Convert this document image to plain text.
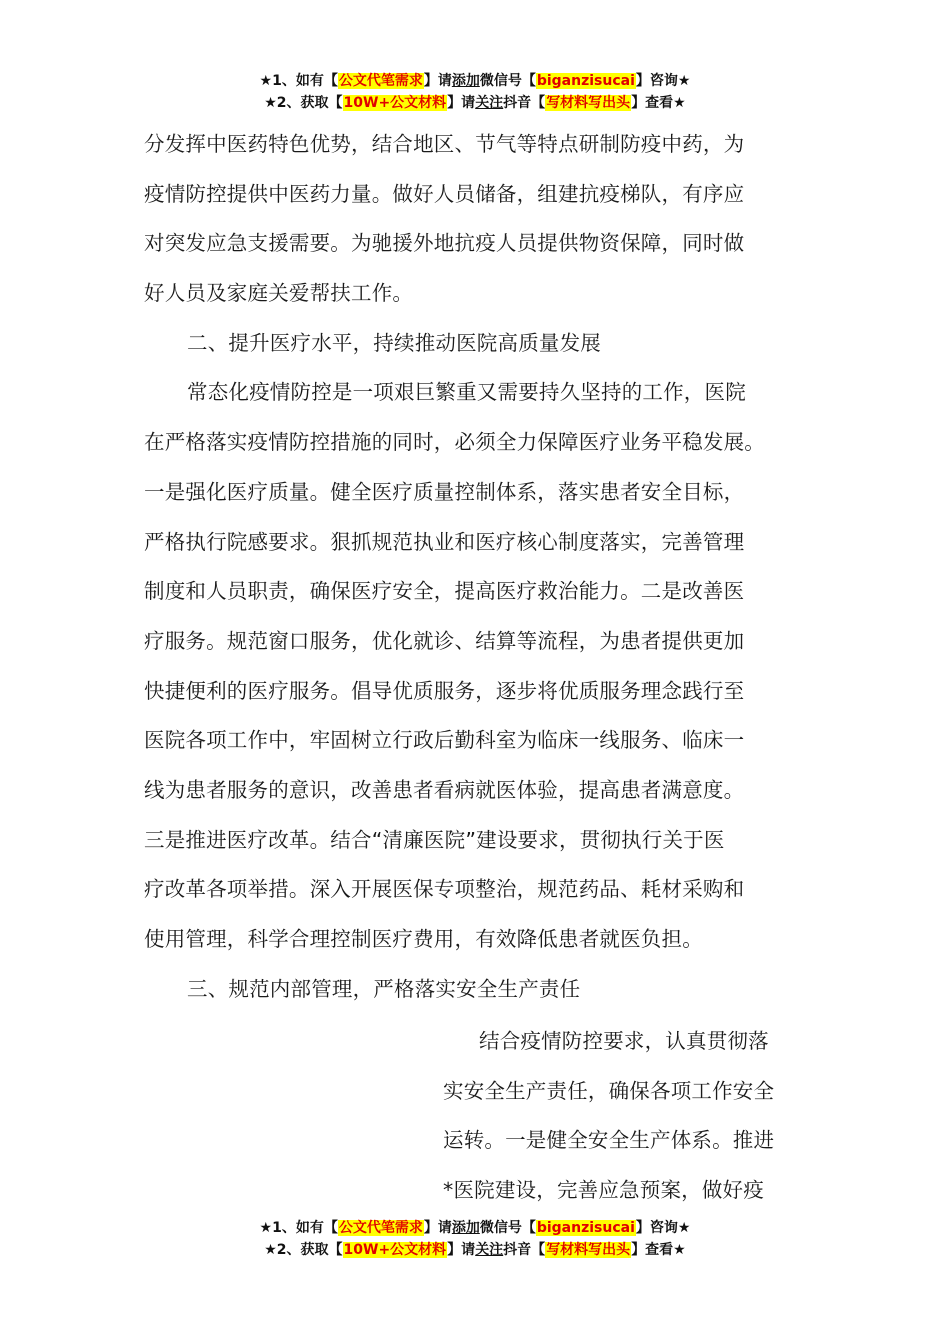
★1、如有【公文代笔需求】请添加微信号【biganzisucai】咨询★
★2、获取【10W+公文材料】请关注抖音【写材料写出头】查看★
分发挥中医药特色优势，结合地区、节气等特点研制防疫中药，为
疫情防控提供中医药力量。做好人员储备，组建抗疫梯队，有序应
对突发应急支援需要。为驰援外地抗疫人员提供物资保障，同时做
好人员及家庭关爱帮扶工作。
二、提升医疗水平，持续推动医院高质量发展
常态化疫情防控是一项艰巨繁重又需要持久坚持的工作，医院
在严格落实疫情防控措施的同时，必须全力保障医疗业务平稳发展。
一是强化医疗质量。健全医疗质量控制体系，落实患者安全目标，
严格执行院感要求。狠抓规范执业和医疗核心制度落实，完善管理
制度和人员职责，确保医疗安全，提高医疗救治能力。二是改善医
疗服务。规范窗口服务，优化就诊、结算等流程，为患者提供更加
快捷便利的医疗服务。倡导优质服务，逐步将优质服务理念践行至
医院各项工作中，牢固树立行政后勤科室为临床一线服务、临床一
线为患者服务的意识，改善患者看病就医体验，提高患者满意度。
三是推进医疗改革。结合“清廉医院”建设要求，贯彻执行关于医
疗改革各项举措。深入开展医保专项整治，规范药品、耗材采购和
使用管理，科学合理控制医疗费用，有效降低患者就医负担。
三、规范内部管理，严格落实安全生产责任
结合疫情防控要求，认真贯彻落
实安全生产责任，确保各项工作安全
运转。一是健全安全生产体系。推进
*医院建设，完善应急预案，做好疫
★1、如有【公文代笔需求】请添加微信号【biganzisucai】咨询★
★2、获取【10W+公文材料】请关注抖音【写材料写出头】查看★
